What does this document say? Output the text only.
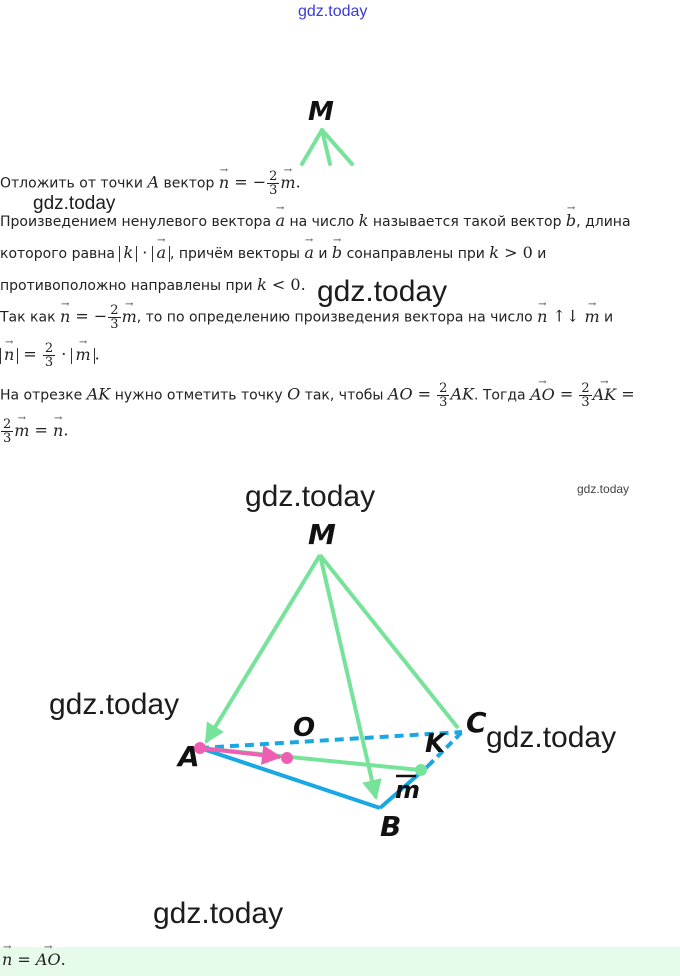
gdz.today
gdz.today
gdz.today
gdz.today	gdz.today
gdz.today
gdz.today
gdz.today
M
Отложить от точки A вектор → n = − $\frac{2}{3}$
→ m.
Произведением ненулевого вектора → a на число k называется такой вектор → b, длина
которого равна k · → a , причём векторы → a и → b сонаправлены при k > 0 и
противоположно направлены при k < 0.
Так как → n = − $\frac{2}{3}$
→ m, то по определению произведения вектора на число → n ↑↓ → m и
→ $n = \frac{2}{3}$ · → m .
На отрезке AK нужно отметить точку O так, чтобы AO = $\frac{2}{3}$ AK. Тогда → AO = $\frac{2}{3}$
→ AK =
$\frac{2}{3}$
→ m = → n.
M
O	C
K
A
B
m
→ n = → AO.
